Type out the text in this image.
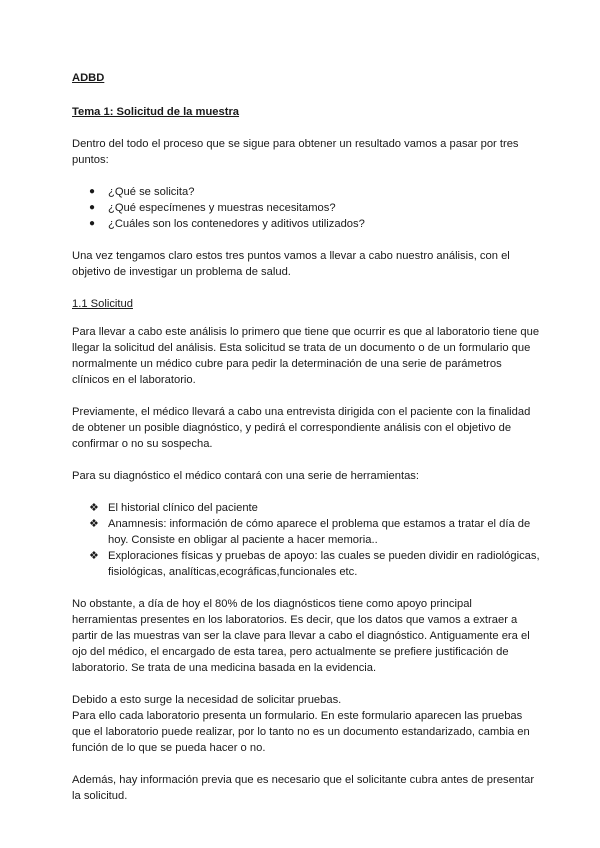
ADBD
Tema 1: Solicitud de la muestra

Dentro del todo el proceso que se sigue para obtener un resultado vamos a pasar por tres puntos:

● ¿Qué se solicita?
● ¿Qué especímenes y muestras necesitamos?
● ¿Cuáles son los contenedores y aditivos utilizados?

Una vez tengamos claro estos tres puntos vamos a llevar a cabo nuestro análisis, con el objetivo de investigar un problema de salud.

1.1 Solicitud

Para llevar a cabo este análisis lo primero que tiene que ocurrir es que al laboratorio tiene que llegar la solicitud del análisis. Esta solicitud se trata de un documento o de un formulario que normalmente un médico cubre para pedir la determinación de una serie de parámetros clínicos en el laboratorio.

Previamente, el médico llevará a cabo una entrevista dirigida con el paciente con la finalidad de obtener un posible diagnóstico, y pedirá el correspondiente análisis con el objetivo de confirmar o no su sospecha.

Para su diagnóstico el médico contará con una serie de herramientas:

❖ El historial clínico del paciente
❖ Anamnesis: información de cómo aparece el problema que estamos a tratar el día de hoy. Consiste en obligar al paciente a hacer memoria..
❖ Exploraciones físicas y pruebas de apoyo: las cuales se pueden dividir en radiológicas, fisiológicas, analíticas,ecográficas,funcionales etc.

No obstante, a día de hoy el 80% de los diagnósticos tiene como apoyo principal herramientas presentes en los laboratorios. Es decir, que los datos que vamos a extraer a partir de las muestras van ser la clave para llevar a cabo el diagnóstico. Antiguamente era el ojo del médico, el encargado de esta tarea, pero actualmente se prefiere justificación de laboratorio. Se trata de una medicina basada en la evidencia.

Debido a esto surge la necesidad de solicitar pruebas.

Para ello cada laboratorio presenta un formulario. En este formulario aparecen las pruebas que el laboratorio puede realizar, por lo tanto no es un documento estandarizado, cambia en función de lo que se pueda hacer o no.

Además, hay información previa que es necesario que el solicitante cubra antes de presentar la solicitud.
